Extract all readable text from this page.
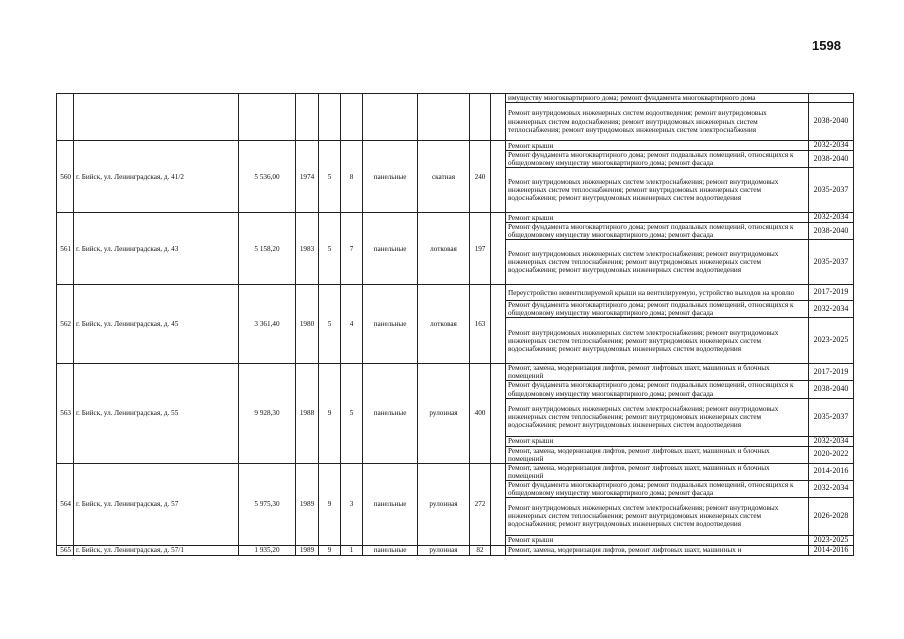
1598
										имуществу многоквартирного дома; ремонт фундамента многоквартирного дома	
										Ремонт внутридомовых инженерных систем водоотведения; ремонт внутридомовых инженерных систем водоснабжения; ремонт внутридомовых инженерных систем теплоснабжения; ремонт внутридомовых инженерных систем электроснабжения	2038-2040
560	г. Бийск, ул. Ленинградская, д. 41/2	5 536,00	1974	5	8	панельные	скатная	240		Ремонт крыши	2032-2034
										Ремонт фундамента многоквартирного дома; ремонт подвальных помещений, относящихся к общедомовому имуществу многоквартирного дома; ремонт фасада	2038-2040
										Ремонт внутридомовых инженерных систем электроснабжения; ремонт внутридомовых инженерных систем теплоснабжения; ремонт внутридомовых инженерных систем водоснабжения; ремонт внутридомовых инженерных систем водоотведения	2035-2037
561	г. Бийск, ул. Ленинградская, д. 43	5 158,20	1983	5	7	панельные	лотковая	197		Ремонт крыши	2032-2034
										Ремонт фундамента многоквартирного дома; ремонт подвальных помещений, относящихся к общедомовому имуществу многоквартирного дома; ремонт фасада	2038-2040
										Ремонт внутридомовых инженерных систем электроснабжения; ремонт внутридомовых инженерных систем теплоснабжения; ремонт внутридомовых инженерных систем водоснабжения; ремонт внутридомовых инженерных систем водоотведения	2035-2037
562	г. Бийск, ул. Ленинградская, д. 45	3 361,40	1980	5	4	панельные	лотковая	163		Переустройство невентилируемой крыши на вентилируемую, устройство выходов на кровлю	2017-2019
										Ремонт фундамента многоквартирного дома; ремонт подвальных помещений, относящихся к общедомовому имуществу многоквартирного дома; ремонт фасада	2032-2034
										Ремонт внутридомовых инженерных систем электроснабжения; ремонт внутридомовых инженерных систем теплоснабжения; ремонт внутридомовых инженерных систем водоснабжения; ремонт внутридомовых инженерных систем водоотведения	2023-2025
563	г. Бийск, ул. Ленинградская, д. 55	9 928,30	1988	9	5	панельные	рулонная	400		Ремонт, замена, модернизация лифтов, ремонт лифтовых шахт, машинных и блочных помещений	2017-2019
										Ремонт фундамента многоквартирного дома; ремонт подвальных помещений, относящихся к общедомовому имуществу многоквартирного дома; ремонт фасада	2038-2040
										Ремонт внутридомовых инженерных систем электроснабжения; ремонт внутридомовых инженерных систем теплоснабжения; ремонт внутридомовых инженерных систем водоснабжения; ремонт внутридомовых инженерных систем водоотведения	2035-2037
										Ремонт крыши	2032-2034
										Ремонт, замена, модернизация лифтов, ремонт лифтовых шахт, машинных и блочных помещений	2020-2022
564	г. Бийск, ул. Ленинградская, д. 57	5 975,30	1989	9	3	панельные	рулонная	272		Ремонт, замена, модернизация лифтов, ремонт лифтовых шахт, машинных и блочных помещений	2014-2016
										Ремонт фундамента многоквартирного дома; ремонт подвальных помещений, относящихся к общедомовому имуществу многоквартирного дома; ремонт фасада	2032-2034
										Ремонт внутридомовых инженерных систем электроснабжения; ремонт внутридомовых инженерных систем теплоснабжения; ремонт внутридомовых инженерных систем водоснабжения; ремонт внутридомовых инженерных систем водоотведения	2026-2028
										Ремонт крыши	2023-2025
565	г. Бийск, ул. Ленинградская, д. 57/1	1 935,20	1989	9	1	панельные	рулонная	82		Ремонт, замена, модернизация лифтов, ремонт лифтовых шахт, машинных и	2014-2016
